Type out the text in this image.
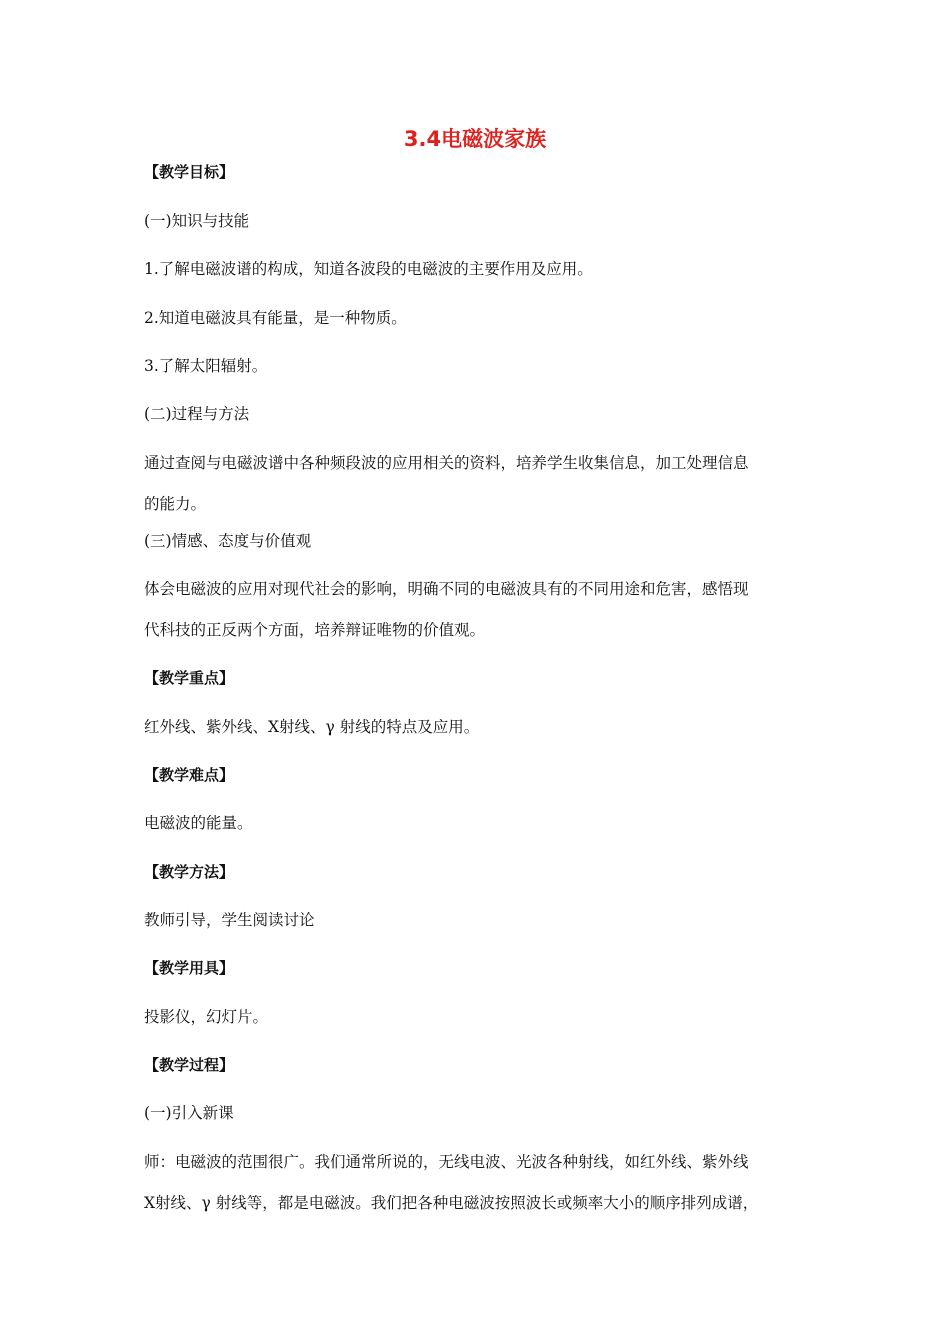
3.4电磁波家族
【教学目标】
(一)知识与技能
1.了解电磁波谱的构成，知道各波段的电磁波的主要作用及应用。
2.知道电磁波具有能量，是一种物质。
3.了解太阳辐射。
(二)过程与方法
通过查阅与电磁波谱中各种频段波的应用相关的资料，培养学生收集信息，加工处理信息
的能力。
(三)情感、态度与价值观
体会电磁波的应用对现代社会的影响，明确不同的电磁波具有的不同用途和危害，感悟现
代科技的正反两个方面，培养辩证唯物的价值观。
【教学重点】
红外线、紫外线、X射线、γ 射线的特点及应用。
【教学难点】
电磁波的能量。
【教学方法】
教师引导，学生阅读讨论
【教学用具】
投影仪，幻灯片。
【教学过程】
(一)引入新课
师：电磁波的范围很广。我们通常所说的，无线电波、光波各种射线，如红外线、紫外线
X射线、γ 射线等，都是电磁波。我们把各种电磁波按照波长或频率大小的顺序排列成谱，
